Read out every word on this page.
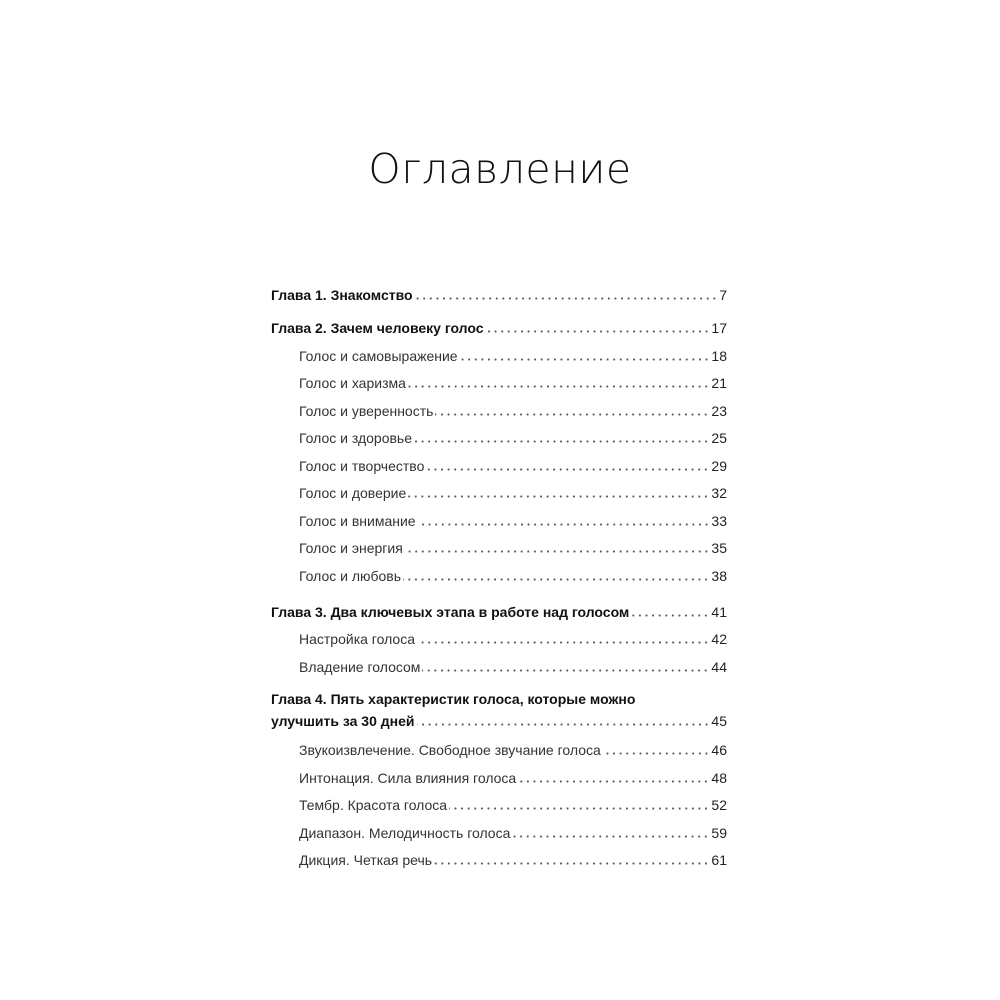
Оглавление
Глава 1. Знакомство	7
Глава 2. Зачем человеку голос	17
Голос и самовыражение	18
Голос и харизма	21
Голос и уверенность	23
Голос и здоровье	25
Голос и творчество	29
Голос и доверие	32
Голос и внимание	33
Голос и энергия	35
Голос и любовь	38
Глава 3. Два ключевых этапа в работе над голосом	41
Настройка голоса	42
Владение голосом	44
Глава 4. Пять характеристик голоса, которые можно
улучшить за 30 дней	45
Звукоизвлечение. Свободное звучание голоса	46
Интонация. Сила влияния голоса	48
Тембр. Красота голоса	52
Диапазон. Мелодичность голоса	59
Дикция. Четкая речь	61
